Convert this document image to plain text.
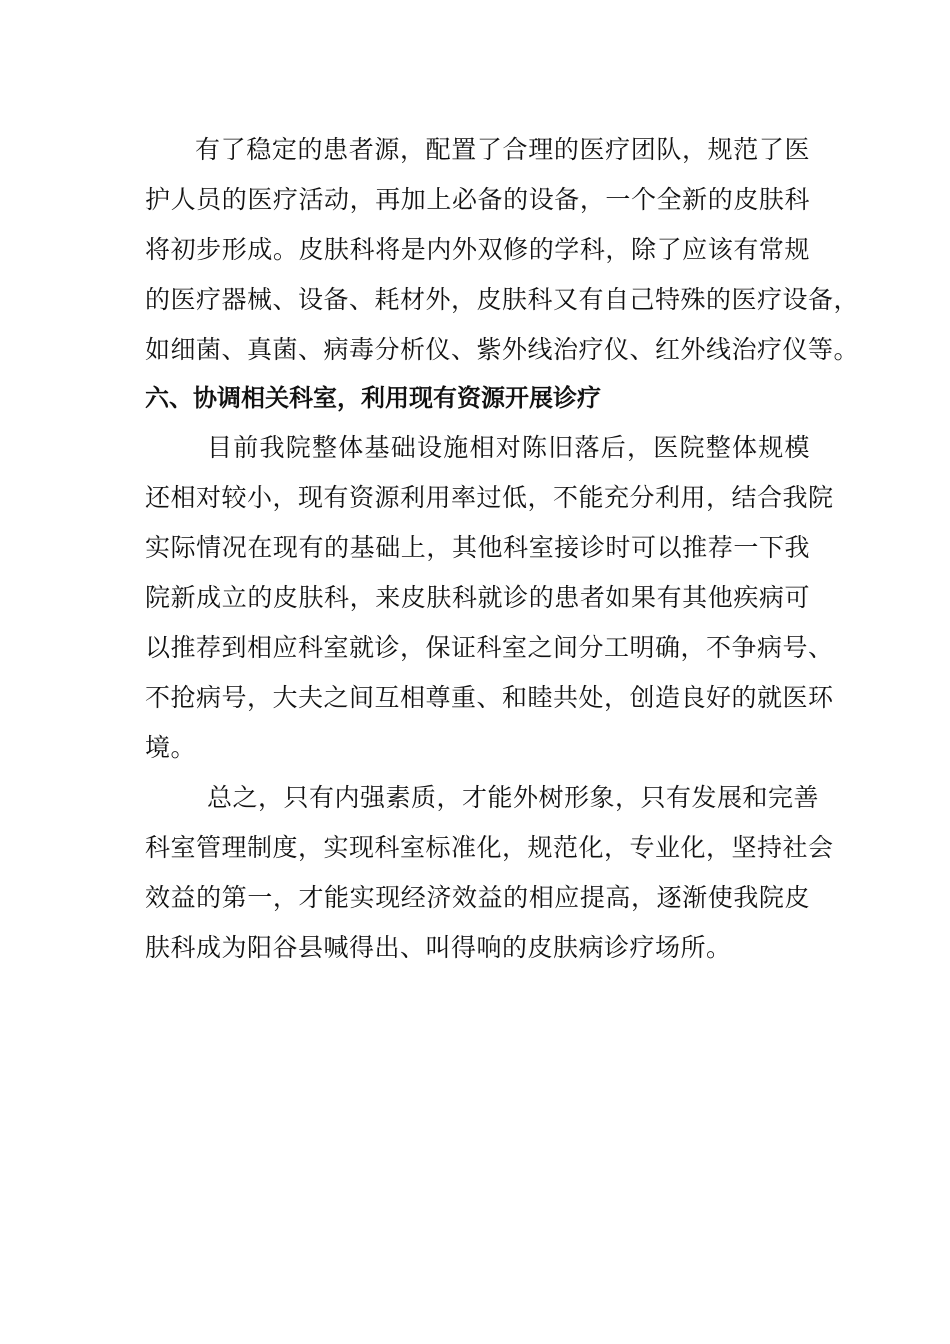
有了稳定的患者源，配置了合理的医疗团队，规范了医
护人员的医疗活动，再加上必备的设备，一个全新的皮肤科
将初步形成。皮肤科将是内外双修的学科，除了应该有常规
的医疗器械、设备、耗材外，皮肤科又有自己特殊的医疗设备，
如细菌、真菌、病毒分析仪、紫外线治疗仪、红外线治疗仪等。
六、协调相关科室，利用现有资源开展诊疗
目前我院整体基础设施相对陈旧落后，医院整体规模
还相对较小，现有资源利用率过低，不能充分利用，结合我院
实际情况在现有的基础上，其他科室接诊时可以推荐一下我
院新成立的皮肤科，来皮肤科就诊的患者如果有其他疾病可
以推荐到相应科室就诊，保证科室之间分工明确，不争病号、
不抢病号，大夫之间互相尊重、和睦共处，创造良好的就医环
境。
总之，只有内强素质，才能外树形象，只有发展和完善
科室管理制度，实现科室标准化，规范化，专业化，坚持社会
效益的第一，才能实现经济效益的相应提高，逐渐使我院皮
肤科成为阳谷县喊得出、叫得响的皮肤病诊疗场所。
